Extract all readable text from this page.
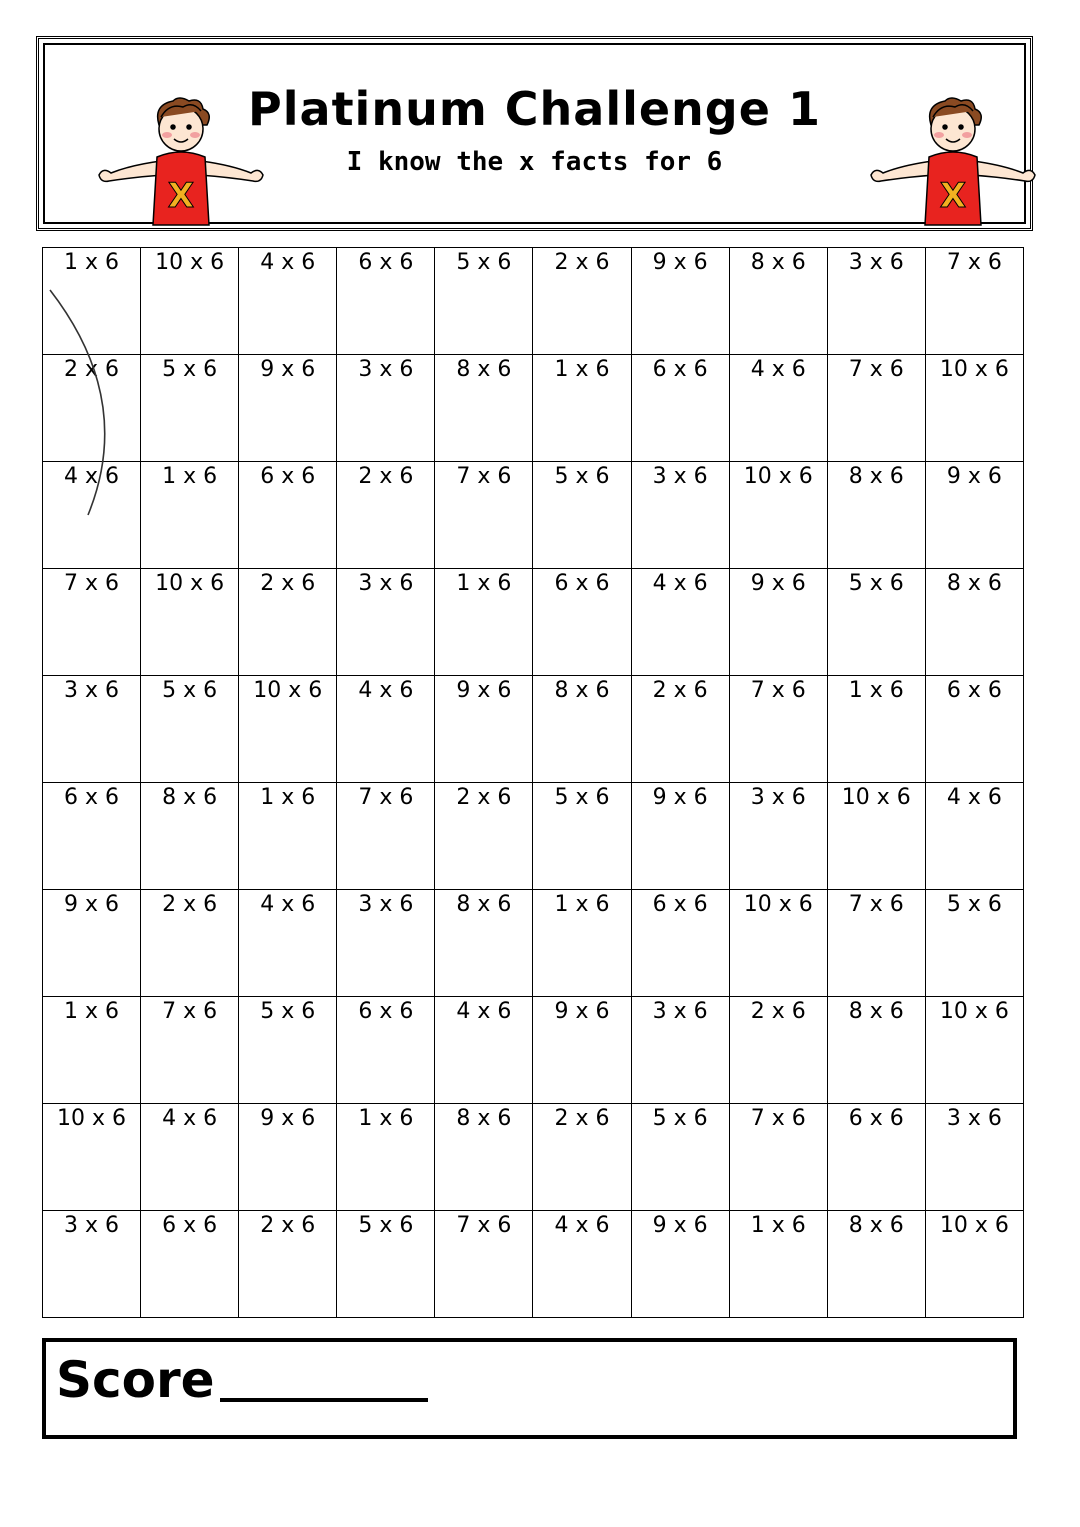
X
Platinum Challenge 1
I know the x facts for 6
X
1 x 6	10 x 6	4 x 6	6 x 6	5 x 6	2 x 6	9 x 6	8 x 6	3 x 6	7 x 6
2 x 6	5 x 6	9 x 6	3 x 6	8 x 6	1 x 6	6 x 6	4 x 6	7 x 6	10 x 6
4 x 6	1 x 6	6 x 6	2 x 6	7 x 6	5 x 6	3 x 6	10 x 6	8 x 6	9 x 6
7 x 6	10 x 6	2 x 6	3 x 6	1 x 6	6 x 6	4 x 6	9 x 6	5 x 6	8 x 6
3 x 6	5 x 6	10 x 6	4 x 6	9 x 6	8 x 6	2 x 6	7 x 6	1 x 6	6 x 6
6 x 6	8 x 6	1 x 6	7 x 6	2 x 6	5 x 6	9 x 6	3 x 6	10 x 6	4 x 6
9 x 6	2 x 6	4 x 6	3 x 6	8 x 6	1 x 6	6 x 6	10 x 6	7 x 6	5 x 6
1 x 6	7 x 6	5 x 6	6 x 6	4 x 6	9 x 6	3 x 6	2 x 6	8 x 6	10 x 6
10 x 6	4 x 6	9 x 6	1 x 6	8 x 6	2 x 6	5 x 6	7 x 6	6 x 6	3 x 6
3 x 6	6 x 6	2 x 6	5 x 6	7 x 6	4 x 6	9 x 6	1 x 6	8 x 6	10 x 6
Score
